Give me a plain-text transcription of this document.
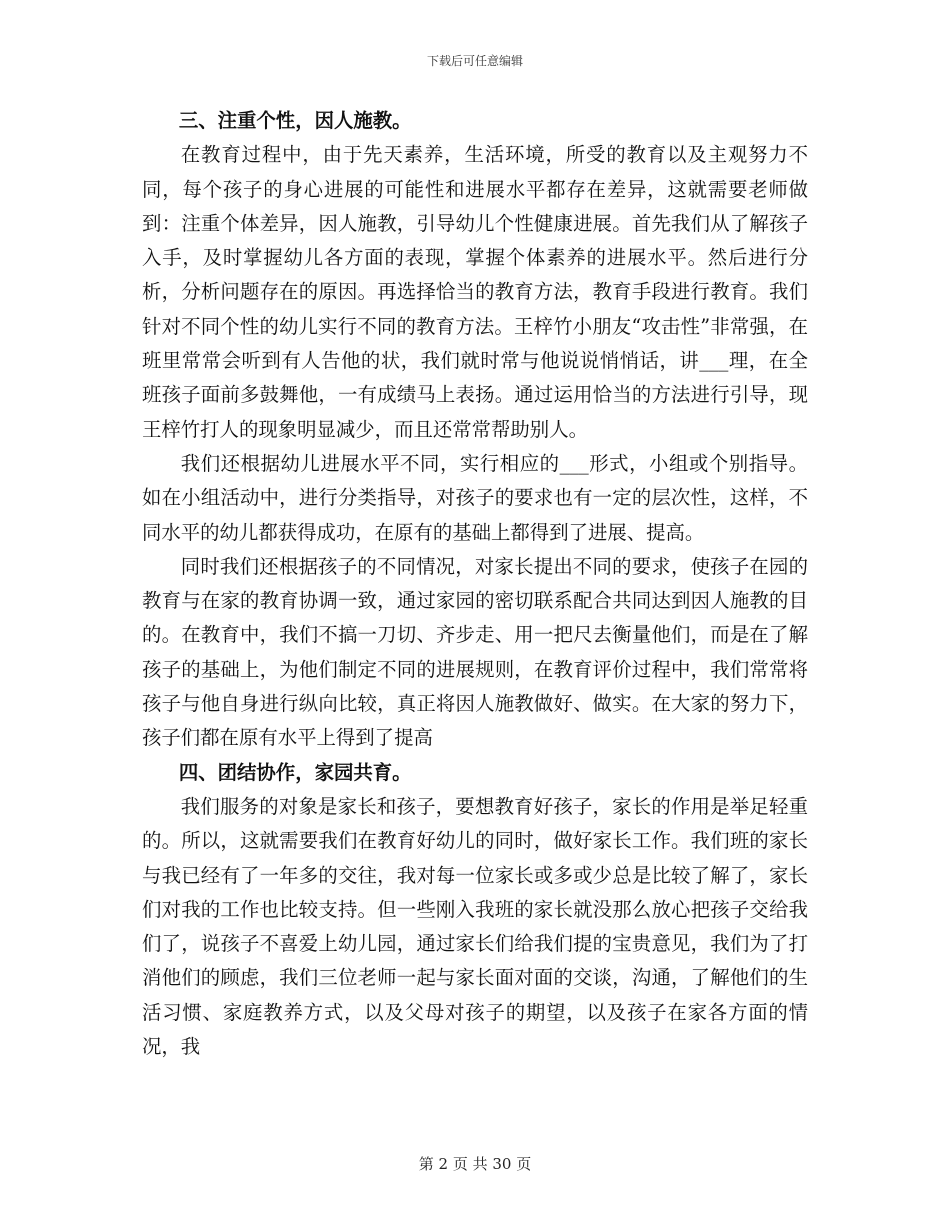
下载后可任意编辑
三、注重个性，因人施教。

在教育过程中，由于先天素养，生活环境，所受的教育以及主观努力不同，每个孩子的身心进展的可能性和进展水平都存在差异，这就需要老师做到：注重个体差异，因人施教，引导幼儿个性健康进展。首先我们从了解孩子入手，及时掌握幼儿各方面的表现，掌握个体素养的进展水平。然后进行分析，分析问题存在的原因。再选择恰当的教育方法，教育手段进行教育。我们针对不同个性的幼儿实行不同的教育方法。王梓竹小朋友“攻击性”非常强，在班里常常会听到有人告他的状，我们就时常与他说说悄悄话，讲___理，在全班孩子面前多鼓舞他，一有成绩马上表扬。通过运用恰当的方法进行引导，现王梓竹打人的现象明显减少，而且还常常帮助别人。

我们还根据幼儿进展水平不同，实行相应的___形式，小组或个别指导。如在小组活动中，进行分类指导，对孩子的要求也有一定的层次性，这样，不同水平的幼儿都获得成功，在原有的基础上都得到了进展、提高。

同时我们还根据孩子的不同情况，对家长提出不同的要求，使孩子在园的教育与在家的教育协调一致，通过家园的密切联系配合共同达到因人施教的目的。在教育中，我们不搞一刀切、齐步走、用一把尺去衡量他们，而是在了解孩子的基础上，为他们制定不同的进展规则，在教育评价过程中，我们常常将孩子与他自身进行纵向比较，真正将因人施教做好、做实。在大家的努力下，孩子们都在原有水平上得到了提高

四、团结协作，家园共育。

我们服务的对象是家长和孩子，要想教育好孩子，家长的作用是举足轻重的。所以，这就需要我们在教育好幼儿的同时，做好家长工作。我们班的家长与我已经有了一年多的交往，我对每一位家长或多或少总是比较了解了，家长们对我的工作也比较支持。但一些刚入我班的家长就没那么放心把孩子交给我们了，说孩子不喜爱上幼儿园，通过家长们给我们提的宝贵意见，我们为了打消他们的顾虑，我们三位老师一起与家长面对面的交谈，沟通，了解他们的生活习惯、家庭教养方式，以及父母对孩子的期望，以及孩子在家各方面的情况，我

第 2 页 共 30 页
